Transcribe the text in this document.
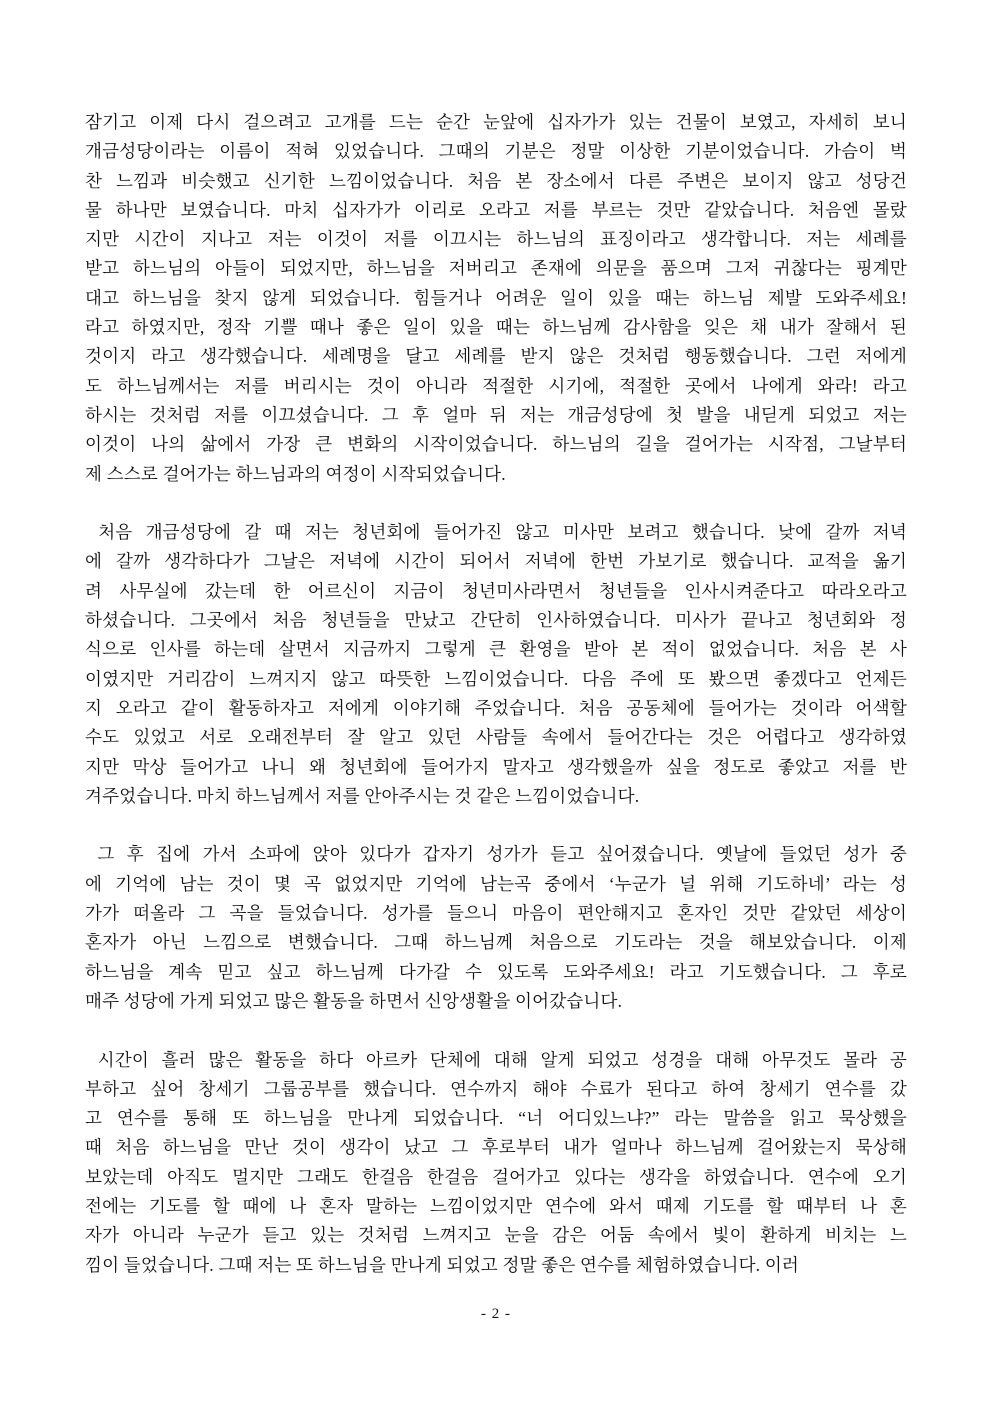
잠기고 이제 다시 걸으려고 고개를 드는 순간 눈앞에 십자가가 있는 건물이 보였고, 자세히 보니
개금성당이라는 이름이 적혀 있었습니다. 그때의 기분은 정말 이상한 기분이었습니다. 가슴이 벅
찬 느낌과 비슷했고 신기한 느낌이었습니다. 처음 본 장소에서 다른 주변은 보이지 않고 성당건
물 하나만 보였습니다. 마치 십자가가 이리로 오라고 저를 부르는 것만 같았습니다. 처음엔 몰랐
지만 시간이 지나고 저는 이것이 저를 이끄시는 하느님의 표징이라고 생각합니다. 저는 세례를
받고 하느님의 아들이 되었지만, 하느님을 저버리고 존재에 의문을 품으며 그저 귀찮다는 핑계만
대고 하느님을 찾지 않게 되었습니다. 힘들거나 어려운 일이 있을 때는 하느님 제발 도와주세요!
라고 하였지만, 정작 기쁠 때나 좋은 일이 있을 때는 하느님께 감사함을 잊은 채 내가 잘해서 된
것이지 라고 생각했습니다. 세례명을 달고 세례를 받지 않은 것처럼 행동했습니다. 그런 저에게
도 하느님께서는 저를 버리시는 것이 아니라 적절한 시기에, 적절한 곳에서 나에게 와라! 라고
하시는 것처럼 저를 이끄셨습니다. 그 후 얼마 뒤 저는 개금성당에 첫 발을 내딛게 되었고 저는
이것이 나의 삶에서 가장 큰 변화의 시작이었습니다. 하느님의 길을 걸어가는 시작점, 그날부터
제 스스로 걸어가는 하느님과의 여정이 시작되었습니다.
처음 개금성당에 갈 때 저는 청년회에 들어가진 않고 미사만 보려고 했습니다. 낮에 갈까 저녁
에 갈까 생각하다가 그날은 저녁에 시간이 되어서 저녁에 한번 가보기로 했습니다. 교적을 옮기
려 사무실에 갔는데 한 어르신이 지금이 청년미사라면서 청년들을 인사시켜준다고 따라오라고
하셨습니다. 그곳에서 처음 청년들을 만났고 간단히 인사하였습니다. 미사가 끝나고 청년회와 정
식으로 인사를 하는데 살면서 지금까지 그렇게 큰 환영을 받아 본 적이 없었습니다. 처음 본 사
이였지만 거리감이 느껴지지 않고 따뜻한 느낌이었습니다. 다음 주에 또 봤으면 좋겠다고 언제든
지 오라고 같이 활동하자고 저에게 이야기해 주었습니다. 처음 공동체에 들어가는 것이라 어색할
수도 있었고 서로 오래전부터 잘 알고 있던 사람들 속에서 들어간다는 것은 어렵다고 생각하였
지만 막상 들어가고 나니 왜 청년회에 들어가지 말자고 생각했을까 싶을 정도로 좋았고 저를 반
겨주었습니다. 마치 하느님께서 저를 안아주시는 것 같은 느낌이었습니다.
그 후 집에 가서 소파에 앉아 있다가 갑자기 성가가 듣고 싶어졌습니다. 옛날에 들었던 성가 중
에 기억에 남는 것이 몇 곡 없었지만 기억에 남는곡 중에서 ‘누군가 널 위해 기도하네’ 라는 성
가가 떠올라 그 곡을 들었습니다. 성가를 들으니 마음이 편안해지고 혼자인 것만 같았던 세상이
혼자가 아닌 느낌으로 변했습니다. 그때 하느님께 처음으로 기도라는 것을 해보았습니다. 이제
하느님을 계속 믿고 싶고 하느님께 다가갈 수 있도록 도와주세요! 라고 기도했습니다. 그 후로
매주 성당에 가게 되었고 많은 활동을 하면서 신앙생활을 이어갔습니다.
시간이 흘러 많은 활동을 하다 아르카 단체에 대해 알게 되었고 성경을 대해 아무것도 몰라 공
부하고 싶어 창세기 그룹공부를 했습니다. 연수까지 해야 수료가 된다고 하여 창세기 연수를 갔
고 연수를 통해 또 하느님을 만나게 되었습니다. “너 어디있느냐?” 라는 말씀을 읽고 묵상했을
때 처음 하느님을 만난 것이 생각이 났고 그 후로부터 내가 얼마나 하느님께 걸어왔는지 묵상해
보았는데 아직도 멀지만 그래도 한걸음 한걸음 걸어가고 있다는 생각을 하였습니다. 연수에 오기
전에는 기도를 할 때에 나 혼자 말하는 느낌이었지만 연수에 와서 때제 기도를 할 때부터 나 혼
자가 아니라 누군가 듣고 있는 것처럼 느껴지고 눈을 감은 어둠 속에서 빛이 환하게 비치는 느
낌이 들었습니다. 그때 저는 또 하느님을 만나게 되었고 정말 좋은 연수를 체험하였습니다. 이러
- 2 -
